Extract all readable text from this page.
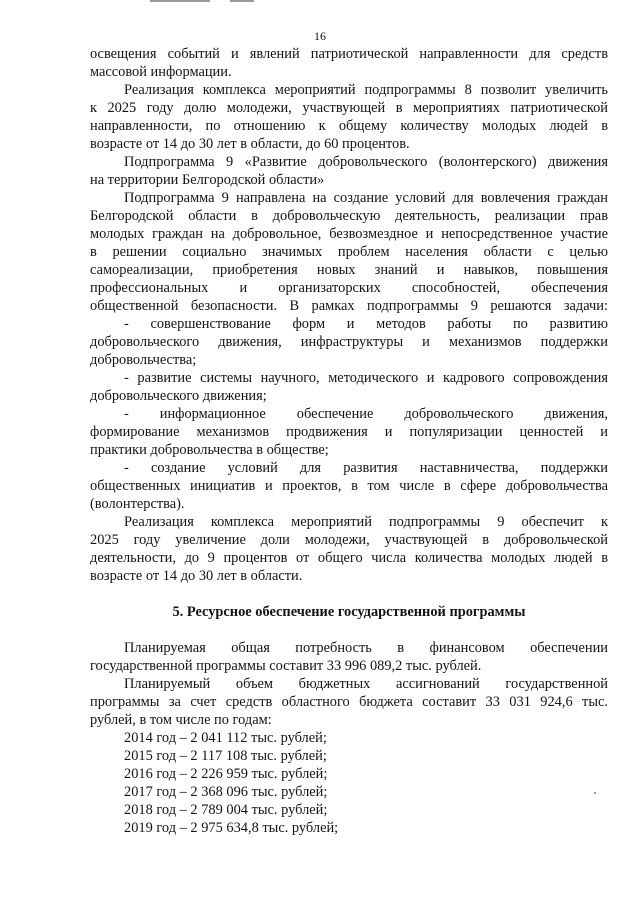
16
освещения событий и явлений патриотической направленности для средств
массовой информации.
Реализация комплекса мероприятий подпрограммы 8 позволит увеличить
к 2025 году долю молодежи, участвующей в мероприятиях патриотической
направленности, по отношению к общему количеству молодых людей в
возрасте от 14 до 30 лет в области, до 60 процентов.
Подпрограмма 9 «Развитие добровольческого (волонтерского) движения
на территории Белгородской области»
Подпрограмма 9 направлена на создание условий для вовлечения граждан
Белгородской области в добровольческую деятельность, реализации прав
молодых граждан на добровольное, безвозмездное и непосредственное участие
в решении социально значимых проблем населения области с целью
самореализации, приобретения новых знаний и навыков, повышения
профессиональных и организаторских способностей, обеспечения
общественной безопасности. В рамках подпрограммы 9 решаются задачи:
- совершенствование форм и методов работы по развитию
добровольческого движения, инфраструктуры и механизмов поддержки
добровольчества;
- развитие системы научного, методического и кадрового сопровождения
добровольческого движения;
- информационное обеспечение добровольческого движения,
формирование механизмов продвижения и популяризации ценностей и
практики добровольчества в обществе;
- создание условий для развития наставничества, поддержки
общественных инициатив и проектов, в том числе в сфере добровольчества
(волонтерства).
Реализация комплекса мероприятий подпрограммы 9 обеспечит к
2025 году увеличение доли молодежи, участвующей в добровольческой
деятельности, до 9 процентов от общего числа количества молодых людей в
возрасте от 14 до 30 лет в области.
5. Ресурсное обеспечение государственной программы
Планируемая общая потребность в финансовом обеспечении
государственной программы составит 33 996 089,2 тыс. рублей.
Планируемый объем бюджетных ассигнований государственной
программы за счет средств областного бюджета составит 33 031 924,6 тыс.
рублей, в том числе по годам:
2014 год – 2 041 112 тыс. рублей;
2015 год – 2 117 108 тыс. рублей;
2016 год – 2 226 959 тыс. рублей;
2017 год – 2 368 096 тыс. рублей;
2018 год – 2 789 004 тыс. рублей;
2019 год – 2 975 634,8 тыс. рублей;
